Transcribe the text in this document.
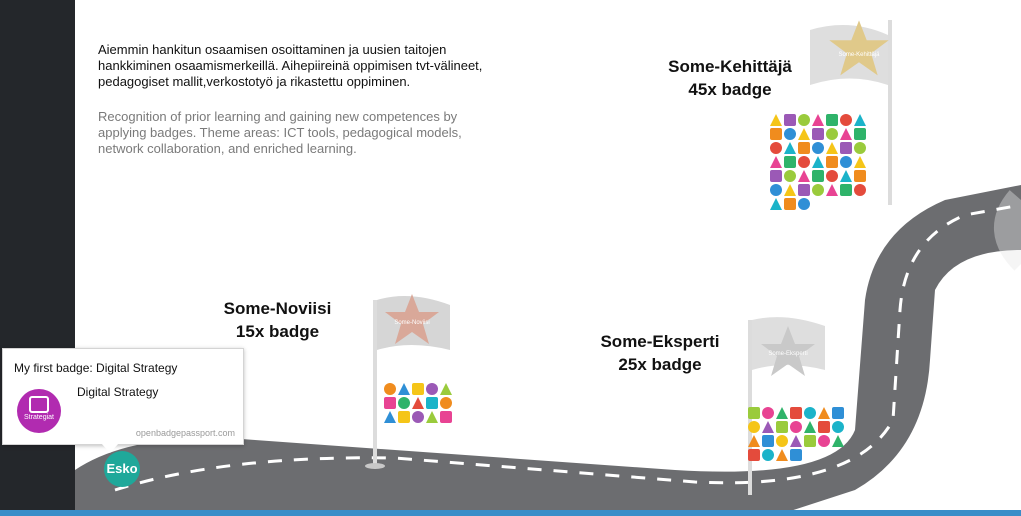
Some-Noviisi
Some-Eksperti
Some-Kehittäjä
Aiemmin hankitun osaamisen osoittaminen ja uusien taitojen hankkiminen osaamismerkeillä. Aihepiireinä oppimisen tvt-välineet, pedagogiset mallit,verkostotyö ja rikastettu oppiminen.
Recognition of prior learning and gaining new competences by applying badges. Theme areas: ICT tools, pedagogical models, network collaboration, and enriched learning.
Some-Noviisi
15x badge
Some-Eksperti
25x badge
Some-Kehittäjä
45x badge
My first badge: Digital Strategy
Strategiat
Digital Strategy
openbadgepassport.com
Esko
